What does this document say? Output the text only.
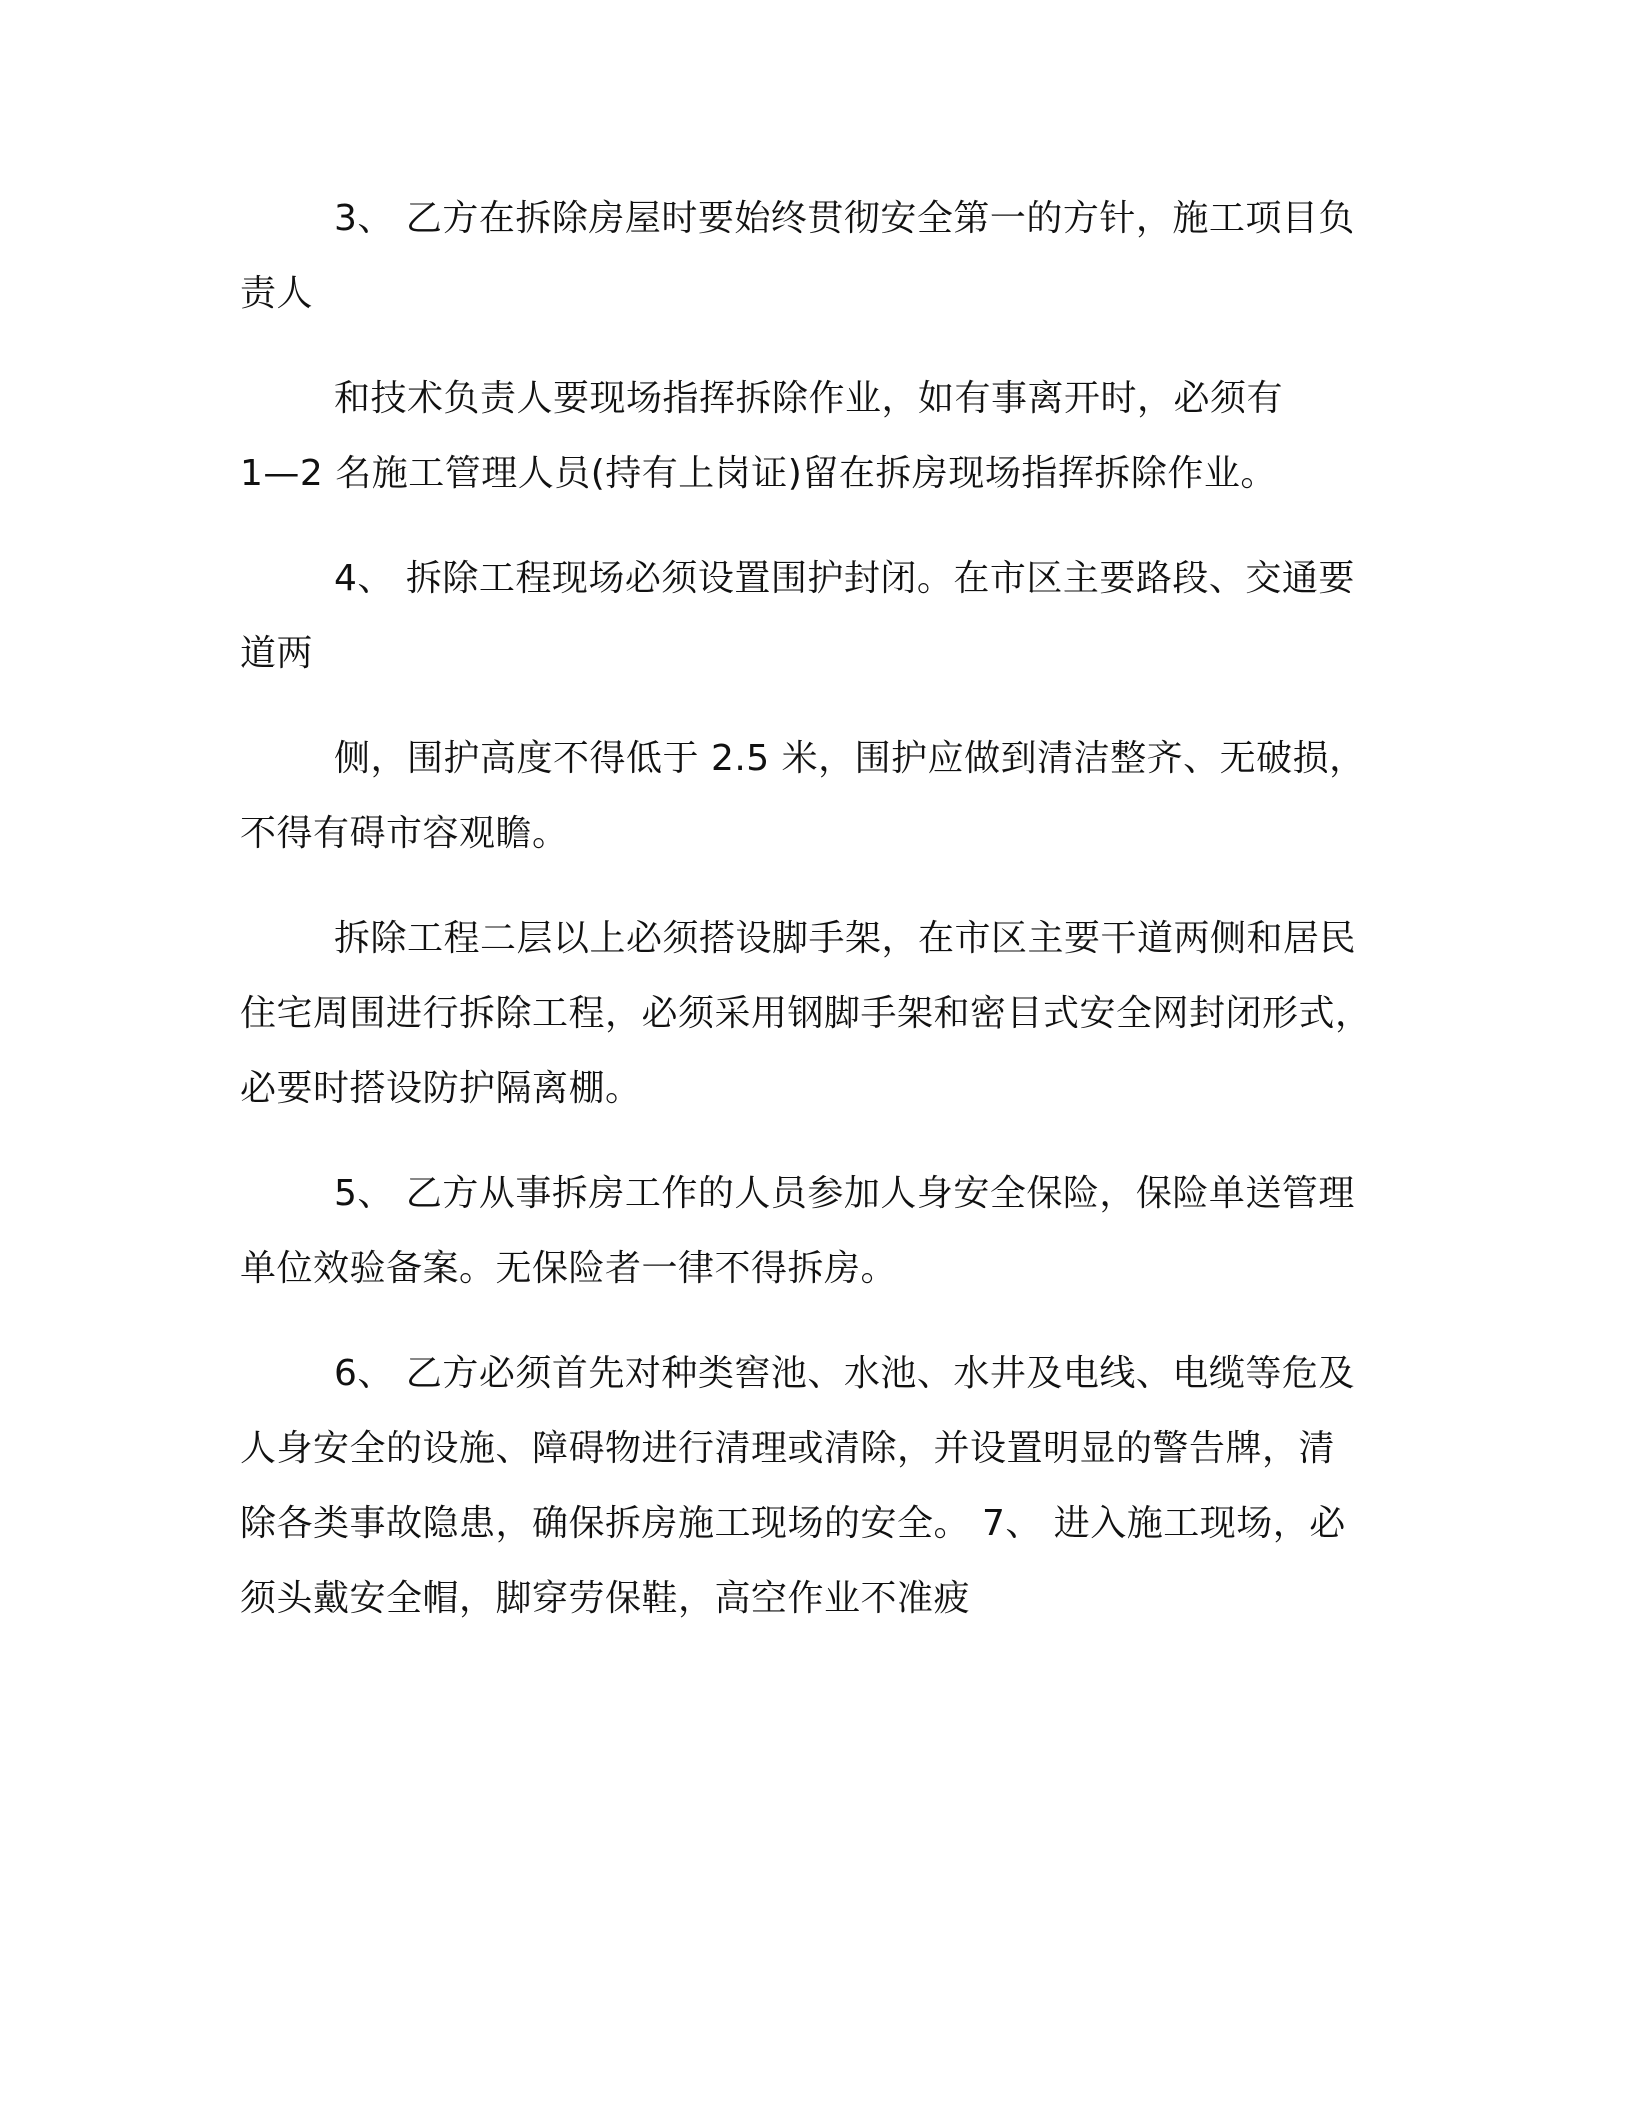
3、 乙方在拆除房屋时要始终贯彻安全第一的方针，施工项目负
责人
和技术负责人要现场指挥拆除作业，如有事离开时，必须有
1—2 名施工管理人员(持有上岗证)留在拆房现场指挥拆除作业。
4、 拆除工程现场必须设置围护封闭。在市区主要路段、交通要
道两
侧，围护高度不得低于 2.5 米，围护应做到清洁整齐、无破损，
不得有碍市容观瞻。
拆除工程二层以上必须搭设脚手架，在市区主要干道两侧和居民
住宅周围进行拆除工程，必须采用钢脚手架和密目式安全网封闭形式，
必要时搭设防护隔离棚。
5、 乙方从事拆房工作的人员参加人身安全保险，保险单送管理
单位效验备案。无保险者一律不得拆房。
6、 乙方必须首先对种类窖池、水池、水井及电线、电缆等危及
人身安全的设施、障碍物进行清理或清除，并设置明显的警告牌，清
除各类事故隐患，确保拆房施工现场的安全。 7、 进入施工现场，必
须头戴安全帽，脚穿劳保鞋，高空作业不准疲
